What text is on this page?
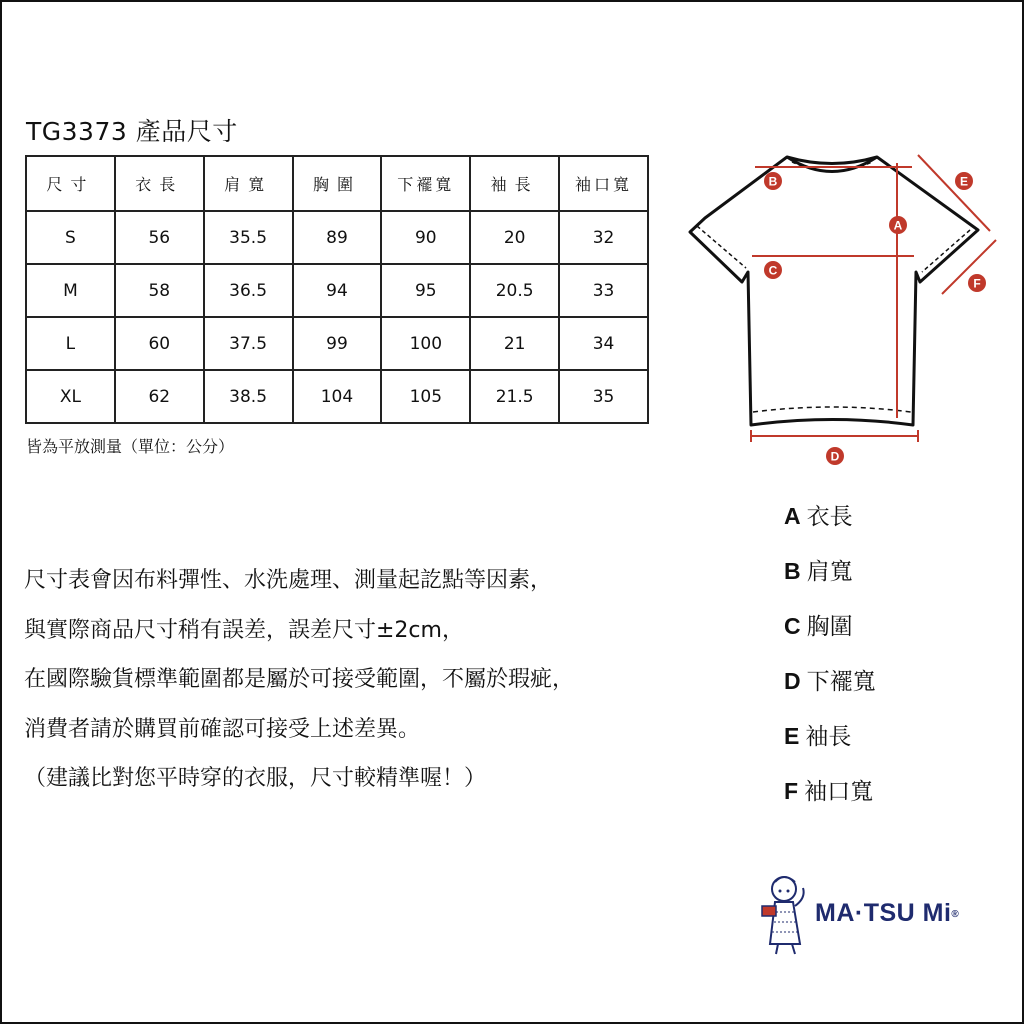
TG3373 產品尺寸
尺寸	衣長	肩寬	胸圍	下襬寬	袖長	袖口寬
S	56	35.5	89	90	20	32
M	58	36.5	94	95	20.5	33
L	60	37.5	99	100	21	34
XL	62	38.5	104	105	21.5	35
皆為平放測量（單位：公分）
尺寸表會因布料彈性、水洗處理、測量起訖點等因素，
與實際商品尺寸稍有誤差，誤差尺寸±2cm，
在國際驗貨標準範圍都是屬於可接受範圍，不屬於瑕疵，
消費者請於購買前確認可接受上述差異。
（建議比對您平時穿的衣服，尺寸較精準喔！）
A 衣長
B 肩寬
C 胸圍
D 下襬寬
E 袖長
F 袖口寬
A
B
C
D
E
F
MA·TSU Mi®
